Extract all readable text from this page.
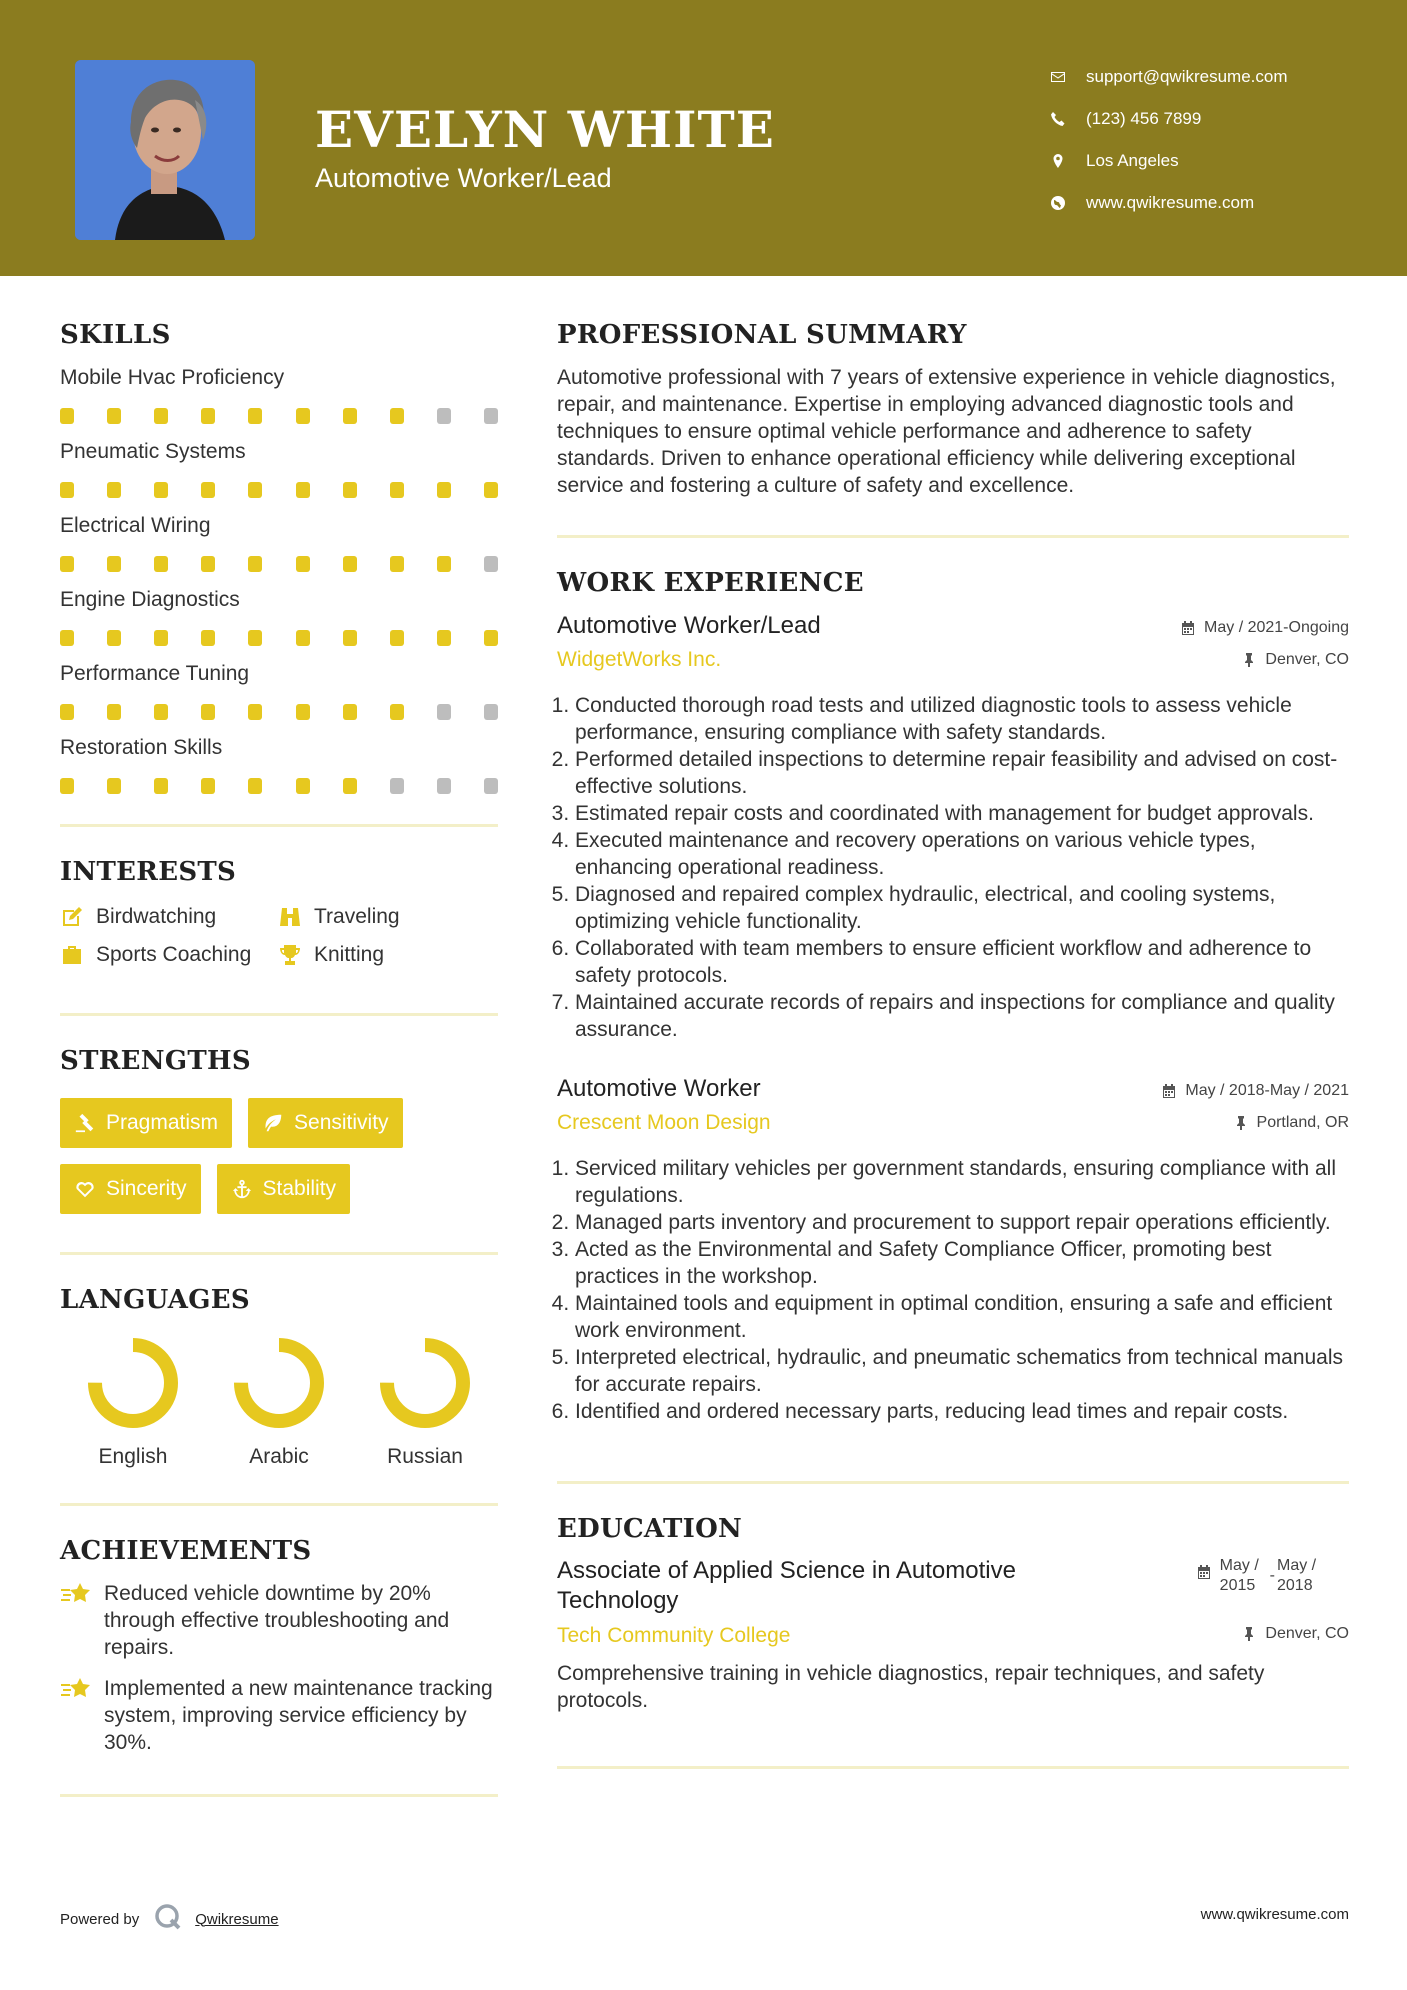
EVELYN WHITE
Automotive Worker/Lead
support@qwikresume.com
(123) 456 7899
Los Angeles
www.qwikresume.com
SKILLS
Mobile Hvac Proficiency
Pneumatic Systems
Electrical Wiring
Engine Diagnostics
Performance Tuning
Restoration Skills
INTERESTS
Birdwatching	Traveling
Sports Coaching	Knitting
STRENGTHS
Pragmatism	Sensitivity
Sincerity	Stability
LANGUAGES
English	Arabic	Russian
ACHIEVEMENTS
Reduced vehicle downtime by 20% through effective troubleshooting and repairs.
Implemented a new maintenance tracking system, improving service efficiency by 30%.
PROFESSIONAL SUMMARY
Automotive professional with 7 years of extensive experience in vehicle diagnostics, repair, and maintenance. Expertise in employing advanced diagnostic tools and techniques to ensure optimal vehicle performance and adherence to safety standards. Driven to enhance operational efficiency while delivering exceptional service and fostering a culture of safety and excellence.
WORK EXPERIENCE
Automotive Worker/Lead
WidgetWorks Inc.
May / 2021-Ongoing
Denver, CO
1. Conducted thorough road tests and utilized diagnostic tools to assess vehicle performance, ensuring compliance with safety standards.
2. Performed detailed inspections to determine repair feasibility and advised on cost-effective solutions.
3. Estimated repair costs and coordinated with management for budget approvals.
4. Executed maintenance and recovery operations on various vehicle types, enhancing operational readiness.
5. Diagnosed and repaired complex hydraulic, electrical, and cooling systems, optimizing vehicle functionality.
6. Collaborated with team members to ensure efficient workflow and adherence to safety protocols.
7. Maintained accurate records of repairs and inspections for compliance and quality assurance.
Automotive Worker
Crescent Moon Design
May / 2018-May / 2021
Portland, OR
1. Serviced military vehicles per government standards, ensuring compliance with all regulations.
2. Managed parts inventory and procurement to support repair operations efficiently.
3. Acted as the Environmental and Safety Compliance Officer, promoting best practices in the workshop.
4. Maintained tools and equipment in optimal condition, ensuring a safe and efficient work environment.
5. Interpreted electrical, hydraulic, and pneumatic schematics from technical manuals for accurate repairs.
6. Identified and ordered necessary parts, reducing lead times and repair costs.
EDUCATION
Associate of Applied Science in Automotive Technology
Tech Community College
May / 2015
-
May / 2018
Denver, CO
Comprehensive training in vehicle diagnostics, repair techniques, and safety protocols.
Powered by	Qwikresume	www.qwikresume.com
